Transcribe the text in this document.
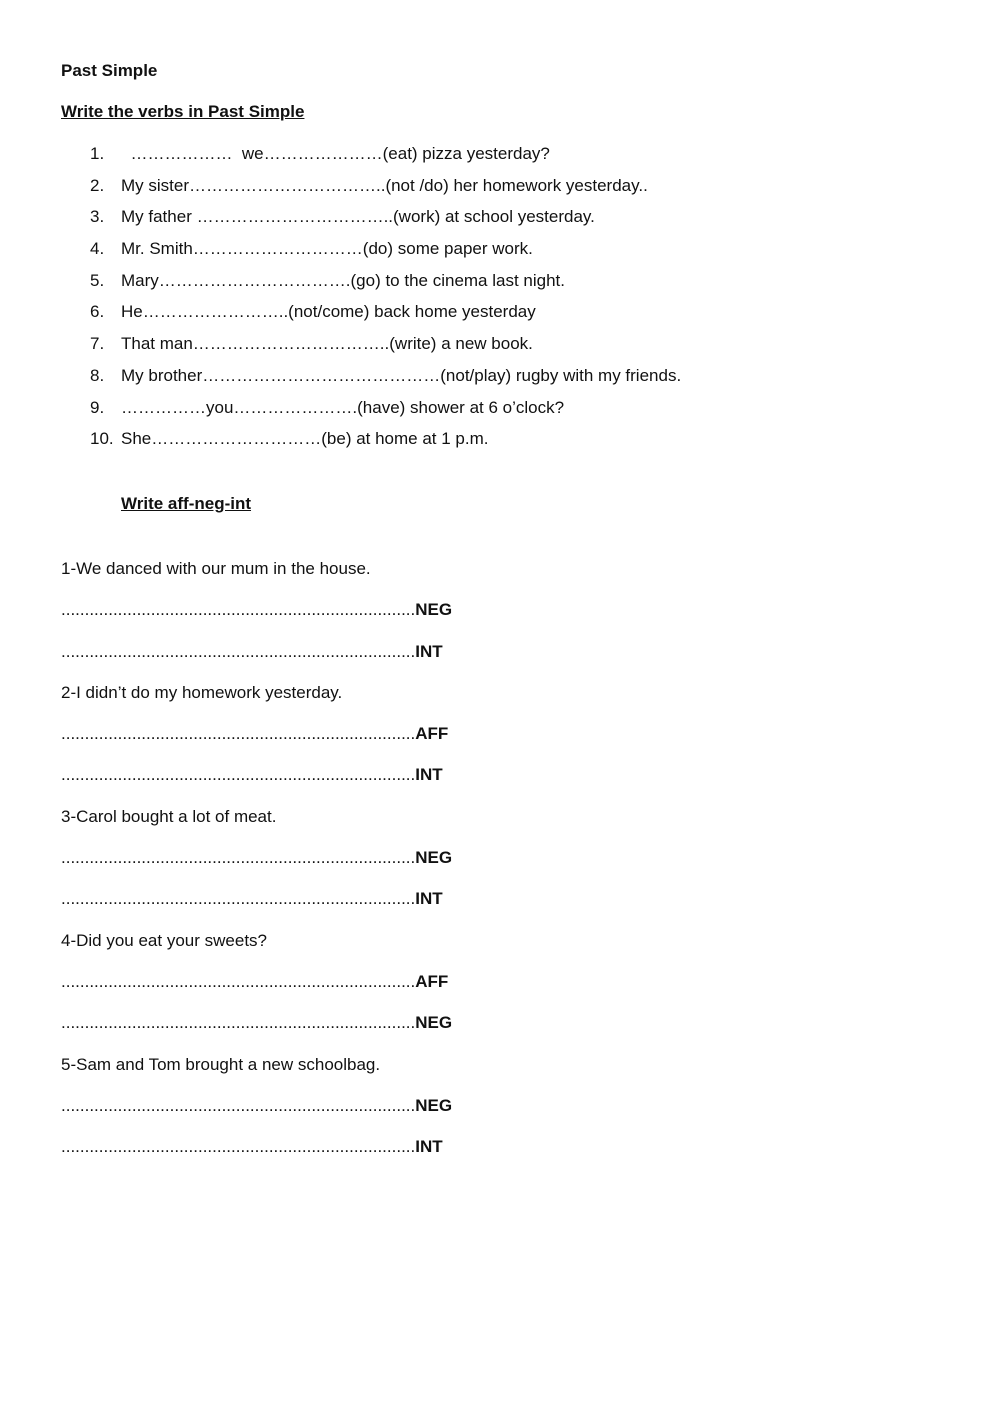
Past Simple
Write the verbs in Past Simple
1.  ………………  we…………………(eat) pizza yesterday?
2. My sister……………………………..(not /do) her homework yesterday..
3. My father ……………………………..(work) at school yesterday.
4. Mr. Smith…………………………(do) some paper work.
5. Mary…………………………….(go) to the cinema last night.
6. He……………………..(not/come) back home yesterday
7. That man……………………………..(write) a new book.
8. My brother……………………………………(not/play) rugby with my friends.
9. ……………you………………….(have) shower at 6 o’clock?
10. She…………………………(be) at home at 1 p.m.
Write aff-neg-int
1-We danced with our mum in the house.
...........................................................................NEG
...........................................................................INT
2-I didn’t do my homework yesterday.
...........................................................................AFF
...........................................................................INT
3-Carol bought a lot of meat.
...........................................................................NEG
...........................................................................INT
4-Did you eat your sweets?
...........................................................................AFF
...........................................................................NEG
5-Sam and Tom brought a new schoolbag.
...........................................................................NEG
...........................................................................INT
